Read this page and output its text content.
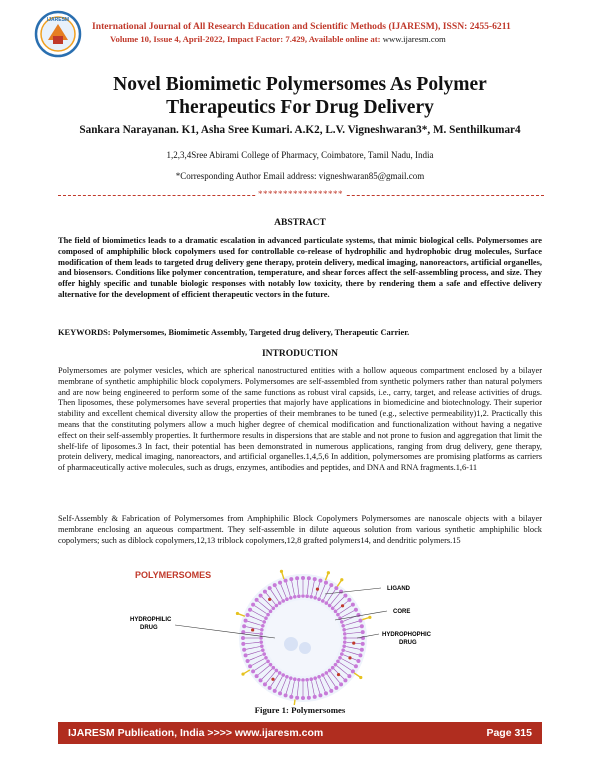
IJARESM
International Journal of All Research Education and Scientific Methods (IJARESM), ISSN: 2455-6211
Volume 10, Issue 4, April-2022, Impact Factor: 7.429, Available online at: www.ijaresm.com
Novel Biomimetic Polymersomes As Polymer
Therapeutics For Drug Delivery
Sankara Narayanan. K1, Asha Sree Kumari. A.K2, L.V. Vigneshwaran3*, M. Senthilkumar4
1,2,3,4Sree Abirami College of Pharmacy, Coimbatore, Tamil Nadu, India
*Corresponding Author Email address: vigneshwaran85@gmail.com
*****************
ABSTRACT
The field of biomimetics leads to a dramatic escalation in advanced particulate systems, that mimic biological cells. Polymersomes are composed of amphiphilic block copolymers used for controllable co-release of hydrophilic and hydrophobic drug molecules, Surface modification of them leads to targeted drug delivery gene therapy, protein delivery, medical imaging, nanoreactors, artificial organelles, and biosensors. Conditions like polymer concentration, temperature, and shear forces affect the self-assembling process, and size. They offer highly specific and tunable biologic responses with notably low toxicity, there by rendering them a safe and effective delivery alternative for the development of efficient therapeutic vectors in the future.
KEYWORDS: Polymersomes, Biomimetic Assembly, Targeted drug delivery, Therapeutic Carrier.
INTRODUCTION
Polymersomes are polymer vesicles, which are spherical nanostructured entities with a hollow aqueous compartment enclosed by a bilayer membrane of synthetic amphiphilic block copolymers. Polymersomes are self-assembled from synthetic polymers rather than natural polymers and are now being engineered to perform some of the same functions as robust viral capsids, i.e., carry, target, and release activities of drugs. Then liposomes, these polymersomes have several properties that majorly have applications in biomedicine and biotechnology. Their superior stability and excellent chemical diversity allow the properties of their membranes to be tuned (e.g., selective permeability)1,2. Practically this means that the constituting polymers allow a much higher degree of chemical modification and functionalization without having a negative effect on their self-assembly properties. It furthermore results in dispersions that are stable and not prone to fusion and aggregation that limit the shelf-life of liposomes.3 In fact, their potential has been demonstrated in numerous applications, ranging from drug delivery, gene therapy, protein delivery, medical imaging, nanoreactors, and artificial organelles.1,4,5,6 In addition, polymersomes are promising platforms as carriers of pharmaceutically active molecules, such as drugs, enzymes, antibodies and peptides, and DNA and RNA fragments.1,6-11
Self-Assembly & Fabrication of Polymersomes from Amphiphilic Block Copolymers Polymersomes are nanoscale objects with a bilayer membrane enclosing an aqueous compartment. They self-assemble in dilute aqueous solution from various synthetic amphiphilic block copolymers; such as diblock copolymers,12,13 triblock copolymers,12,8 grafted polymers14, and dendritic polymers.15
POLYMERSOMES
HYDROPHILIC
DRUG
LIGAND
CORE
HYDROPHOPHIC
DRUG
Figure 1: Polymersomes
IJARESM Publication, India >>>> www.ijaresm.com	Page 315
